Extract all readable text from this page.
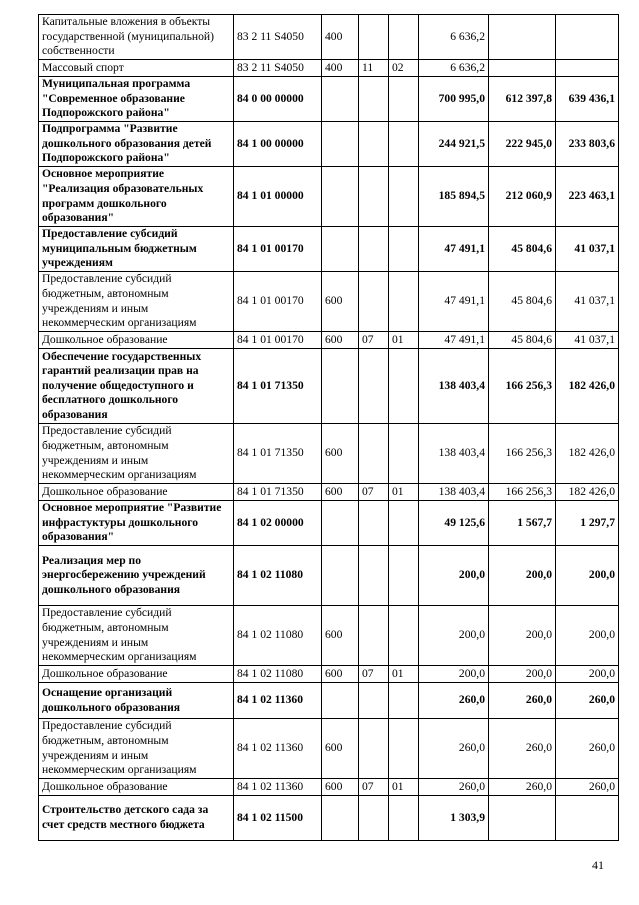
Капитальные вложения в объекты государственной (муниципальной) собственности	83 2 11 S4050	400			6 636,2		
Массовый спорт	83 2 11 S4050	400	11	02	6 636,2		
Муниципальная программа "Современное образование Подпорожского района"	84 0 00 00000				700 995,0	612 397,8	639 436,1
Подпрограмма "Развитие дошкольного образования детей Подпорожского района"	84 1 00 00000				244 921,5	222 945,0	233 803,6
Основное мероприятие "Реализация образовательных программ дошкольного образования"	84 1 01 00000				185 894,5	212 060,9	223 463,1
Предоставление субсидий муниципальным бюджетным учреждениям	84 1 01 00170				47 491,1	45 804,6	41 037,1
Предоставление субсидий бюджетным, автономным учреждениям и иным некоммерческим организациям	84 1 01 00170	600			47 491,1	45 804,6	41 037,1
Дошкольное образование	84 1 01 00170	600	07	01	47 491,1	45 804,6	41 037,1
Обеспечение государственных гарантий реализации прав на получение общедоступного и бесплатного дошкольного образования	84 1 01 71350				138 403,4	166 256,3	182 426,0
Предоставление субсидий бюджетным, автономным учреждениям и иным некоммерческим организациям	84 1 01 71350	600			138 403,4	166 256,3	182 426,0
Дошкольное образование	84 1 01 71350	600	07	01	138 403,4	166 256,3	182 426,0
Основное мероприятие "Развитие инфрастуктуры дошкольного образования"	84 1 02 00000				49 125,6	1 567,7	1 297,7
Реализация мер по энергосбережению учреждений дошкольного образования	84 1 02 11080				200,0	200,0	200,0
Предоставление субсидий бюджетным, автономным учреждениям и иным некоммерческим организациям	84 1 02 11080	600			200,0	200,0	200,0
Дошкольное образование	84 1 02 11080	600	07	01	200,0	200,0	200,0
Оснащение организаций дошкольного образования	84 1 02 11360				260,0	260,0	260,0
Предоставление субсидий бюджетным, автономным учреждениям и иным некоммерческим организациям	84 1 02 11360	600			260,0	260,0	260,0
Дошкольное образование	84 1 02 11360	600	07	01	260,0	260,0	260,0
Строительство детского сада за счет средств местного бюджета	84 1 02 11500				1 303,9		
41
